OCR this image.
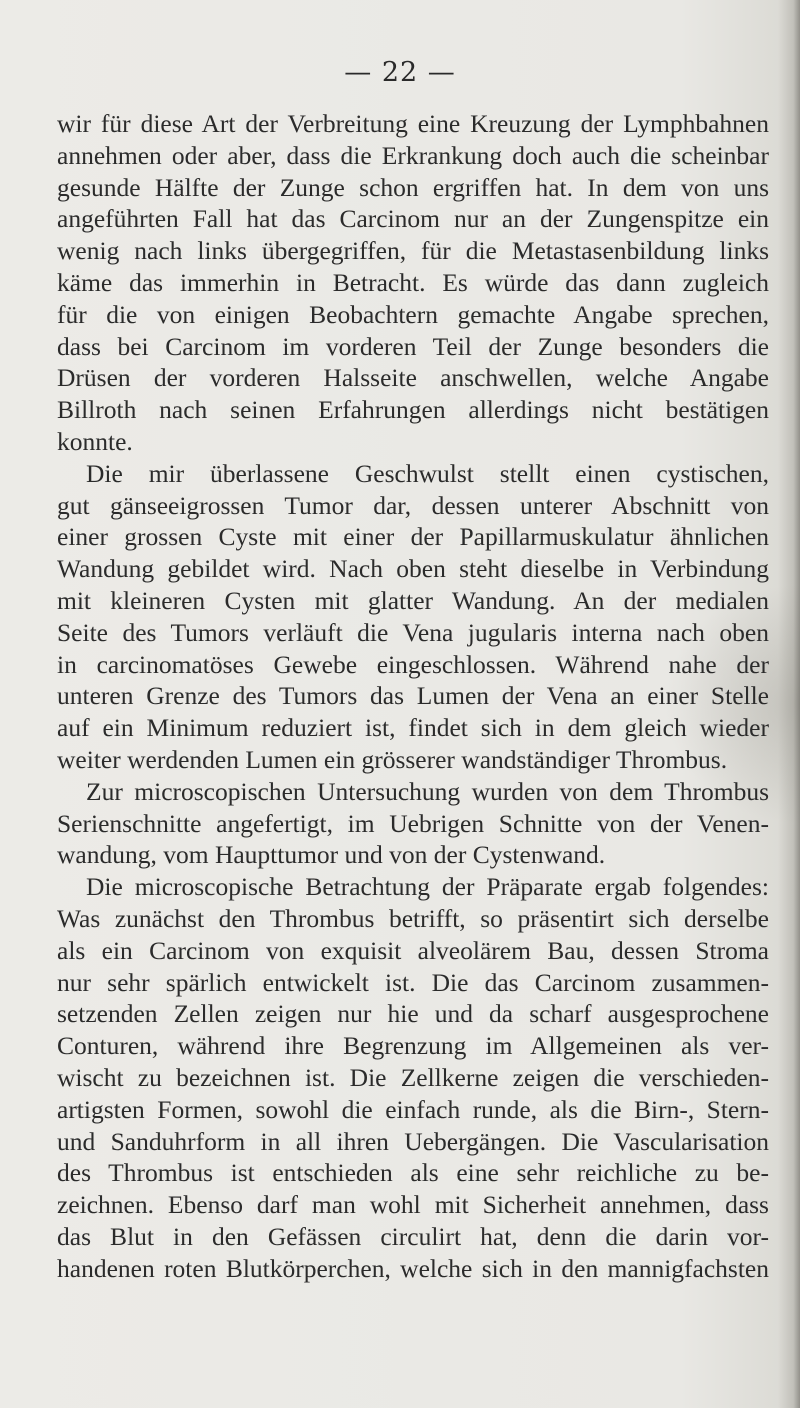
— 22 —
wir für diese Art der Verbreitung eine Kreuzung der Lymphbahnen
annehmen oder aber, dass die Erkrankung doch auch die scheinbar
gesunde Hälfte der Zunge schon ergriffen hat. In dem von uns
angeführten Fall hat das Carcinom nur an der Zungenspitze ein
wenig nach links übergegriffen, für die Metastasenbildung links
käme das immerhin in Betracht. Es würde das dann zugleich
für die von einigen Beobachtern gemachte Angabe sprechen,
dass bei Carcinom im vorderen Teil der Zunge besonders die
Drüsen der vorderen Halsseite anschwellen, welche Angabe
Billroth nach seinen Erfahrungen allerdings nicht bestätigen
konnte.
Die mir überlassene Geschwulst stellt einen cystischen,
gut gänseeigrossen Tumor dar, dessen unterer Abschnitt von
einer grossen Cyste mit einer der Papillarmuskulatur ähnlichen
Wandung gebildet wird. Nach oben steht dieselbe in Verbindung
mit kleineren Cysten mit glatter Wandung. An der medialen
Seite des Tumors verläuft die Vena jugularis interna nach oben
in carcinomatöses Gewebe eingeschlossen. Während nahe der
unteren Grenze des Tumors das Lumen der Vena an einer Stelle
auf ein Minimum reduziert ist, findet sich in dem gleich wieder
weiter werdenden Lumen ein grösserer wandständiger Thrombus.
Zur microscopischen Untersuchung wurden von dem Thrombus
Serienschnitte angefertigt, im Uebrigen Schnitte von der Venen-
wandung, vom Haupttumor und von der Cystenwand.
Die microscopische Betrachtung der Präparate ergab folgendes:
Was zunächst den Thrombus betrifft, so präsentirt sich derselbe
als ein Carcinom von exquisit alveolärem Bau, dessen Stroma
nur sehr spärlich entwickelt ist. Die das Carcinom zusammen-
setzenden Zellen zeigen nur hie und da scharf ausgesprochene
Conturen, während ihre Begrenzung im Allgemeinen als ver-
wischt zu bezeichnen ist. Die Zellkerne zeigen die verschieden-
artigsten Formen, sowohl die einfach runde, als die Birn-, Stern-
und Sanduhrform in all ihren Uebergängen. Die Vascularisation
des Thrombus ist entschieden als eine sehr reichliche zu be-
zeichnen. Ebenso darf man wohl mit Sicherheit annehmen, dass
das Blut in den Gefässen circulirt hat, denn die darin vor-
handenen roten Blutkörperchen, welche sich in den mannigfachsten
